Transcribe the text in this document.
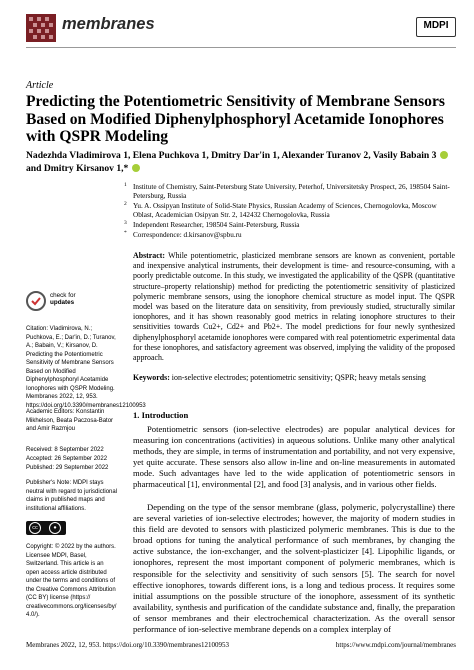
membranes	MDPI
Article
Predicting the Potentiometric Sensitivity of Membrane Sensors Based on Modified Diphenylphosphoryl Acetamide Ionophores with QSPR Modeling
Nadezhda Vladimirova 1, Elena Puchkova 1, Dmitry Dar'in 1, Alexander Turanov 2, Vasily Babain 3
and Dmitry Kirsanov 1,*
1 Institute of Chemistry, Saint-Petersburg State University, Peterhof, Universitetsky Prospect, 26, 198504 Saint-Petersburg, Russia
2 Yu. A. Ossipyan Institute of Solid-State Physics, Russian Academy of Sciences, Chernogolovka, Moscow Oblast, Academician Osipyan Str. 2, 142432 Chernogolovka, Russia
3 Independent Researcher, 198504 Saint-Petersburg, Russia
* Correspondence: d.kirsanov@spbu.ru
Abstract: While potentiometric, plasticized membrane sensors are known as convenient, portable and inexpensive analytical instruments, their development is time- and resource-consuming, with a poorly predictable outcome. In this study, we investigated the applicability of the QSPR (quantitative structure–property relationship) method for predicting the potentiometric sensitivity of plasticized polymeric membrane sensors, using the ionophore chemical structure as model input. The QSPR model was based on the literature data on sensitivity, from previously studied, structurally similar ionophores, and it has shown reasonably good metrics in relating ionophore structures to their sensitivities towards Cu2+, Cd2+ and Pb2+. The model predictions for four newly synthesized diphenylphosphoryl acetamide ionophores were compared with real potentiometric experimental data for these ionophores, and satisfactory agreement was observed, implying the validity of the proposed approach.
Keywords: ion-selective electrodes; potentiometric sensitivity; QSPR; heavy metals sensing
check for
updates
Citation: Vladimirova, N.; Puchkova, E.; Dar'in, D.; Turanov, A.; Babain, V.; Kirsanov, D. Predicting the Potentiometric Sensitivity of Membrane Sensors Based on Modified Diphenylphosphoryl Acetamide Ionophores with QSPR Modeling. Membranes 2022, 12, 953. https://doi.org/10.3390/membranes12100953
Academic Editors: Konstantin Mikhelson, Beata Paczosa-Bator and Amir Razmjou
Received: 8 September 2022
Accepted: 26 September 2022
Published: 29 September 2022
Publisher's Note: MDPI stays neutral with regard to jurisdictional claims in published maps and institutional affiliations.
cc	●
Copyright: © 2022 by the authors. Licensee MDPI, Basel, Switzerland. This article is an open access article distributed under the terms and conditions of the Creative Commons Attribution (CC BY) license (https:// creativecommons.org/licenses/by/ 4.0/).
1. Introduction
Potentiometric sensors (ion-selective electrodes) are popular analytical devices for measuring ion concentrations (activities) in aqueous solutions. Unlike many other analytical methods, they are simple, in terms of instrumentation and portability, and not very expensive, yet quite accurate. These sensors also allow in-line and on-line measurements in automated mode. Such advantages have led to the wide application of potentiometric sensors in pharmaceutical [1], environmental [2], and food [3] analysis, and in various other fields.
Depending on the type of the sensor membrane (glass, polymeric, polycrystalline) there are several varieties of ion-selective electrodes; however, the majority of modern studies in this field are devoted to sensors with plasticized polymeric membranes. This is due to the broad options for tuning the analytical performance of such membranes, by changing the active substance, the ion-exchanger, and the solvent-plasticizer [4]. Lipophilic ligands, or ionophores, represent the most important component of polymeric membranes, which is responsible for the selectivity and sensitivity of such sensors [5]. The search for novel effective ionophores, towards different ions, is a long and tedious process. It requires some initial assumptions on the possible structure of the ionophore, assessment of its synthetic availability, synthesis and purification of the candidate substance and, finally, the preparation of sensor membranes and their electrochemical characterization. As the overall sensor performance of ion-selective membrane depends on a complex interplay of
Membranes 2022, 12, 953. https://doi.org/10.3390/membranes12100953	https://www.mdpi.com/journal/membranes
